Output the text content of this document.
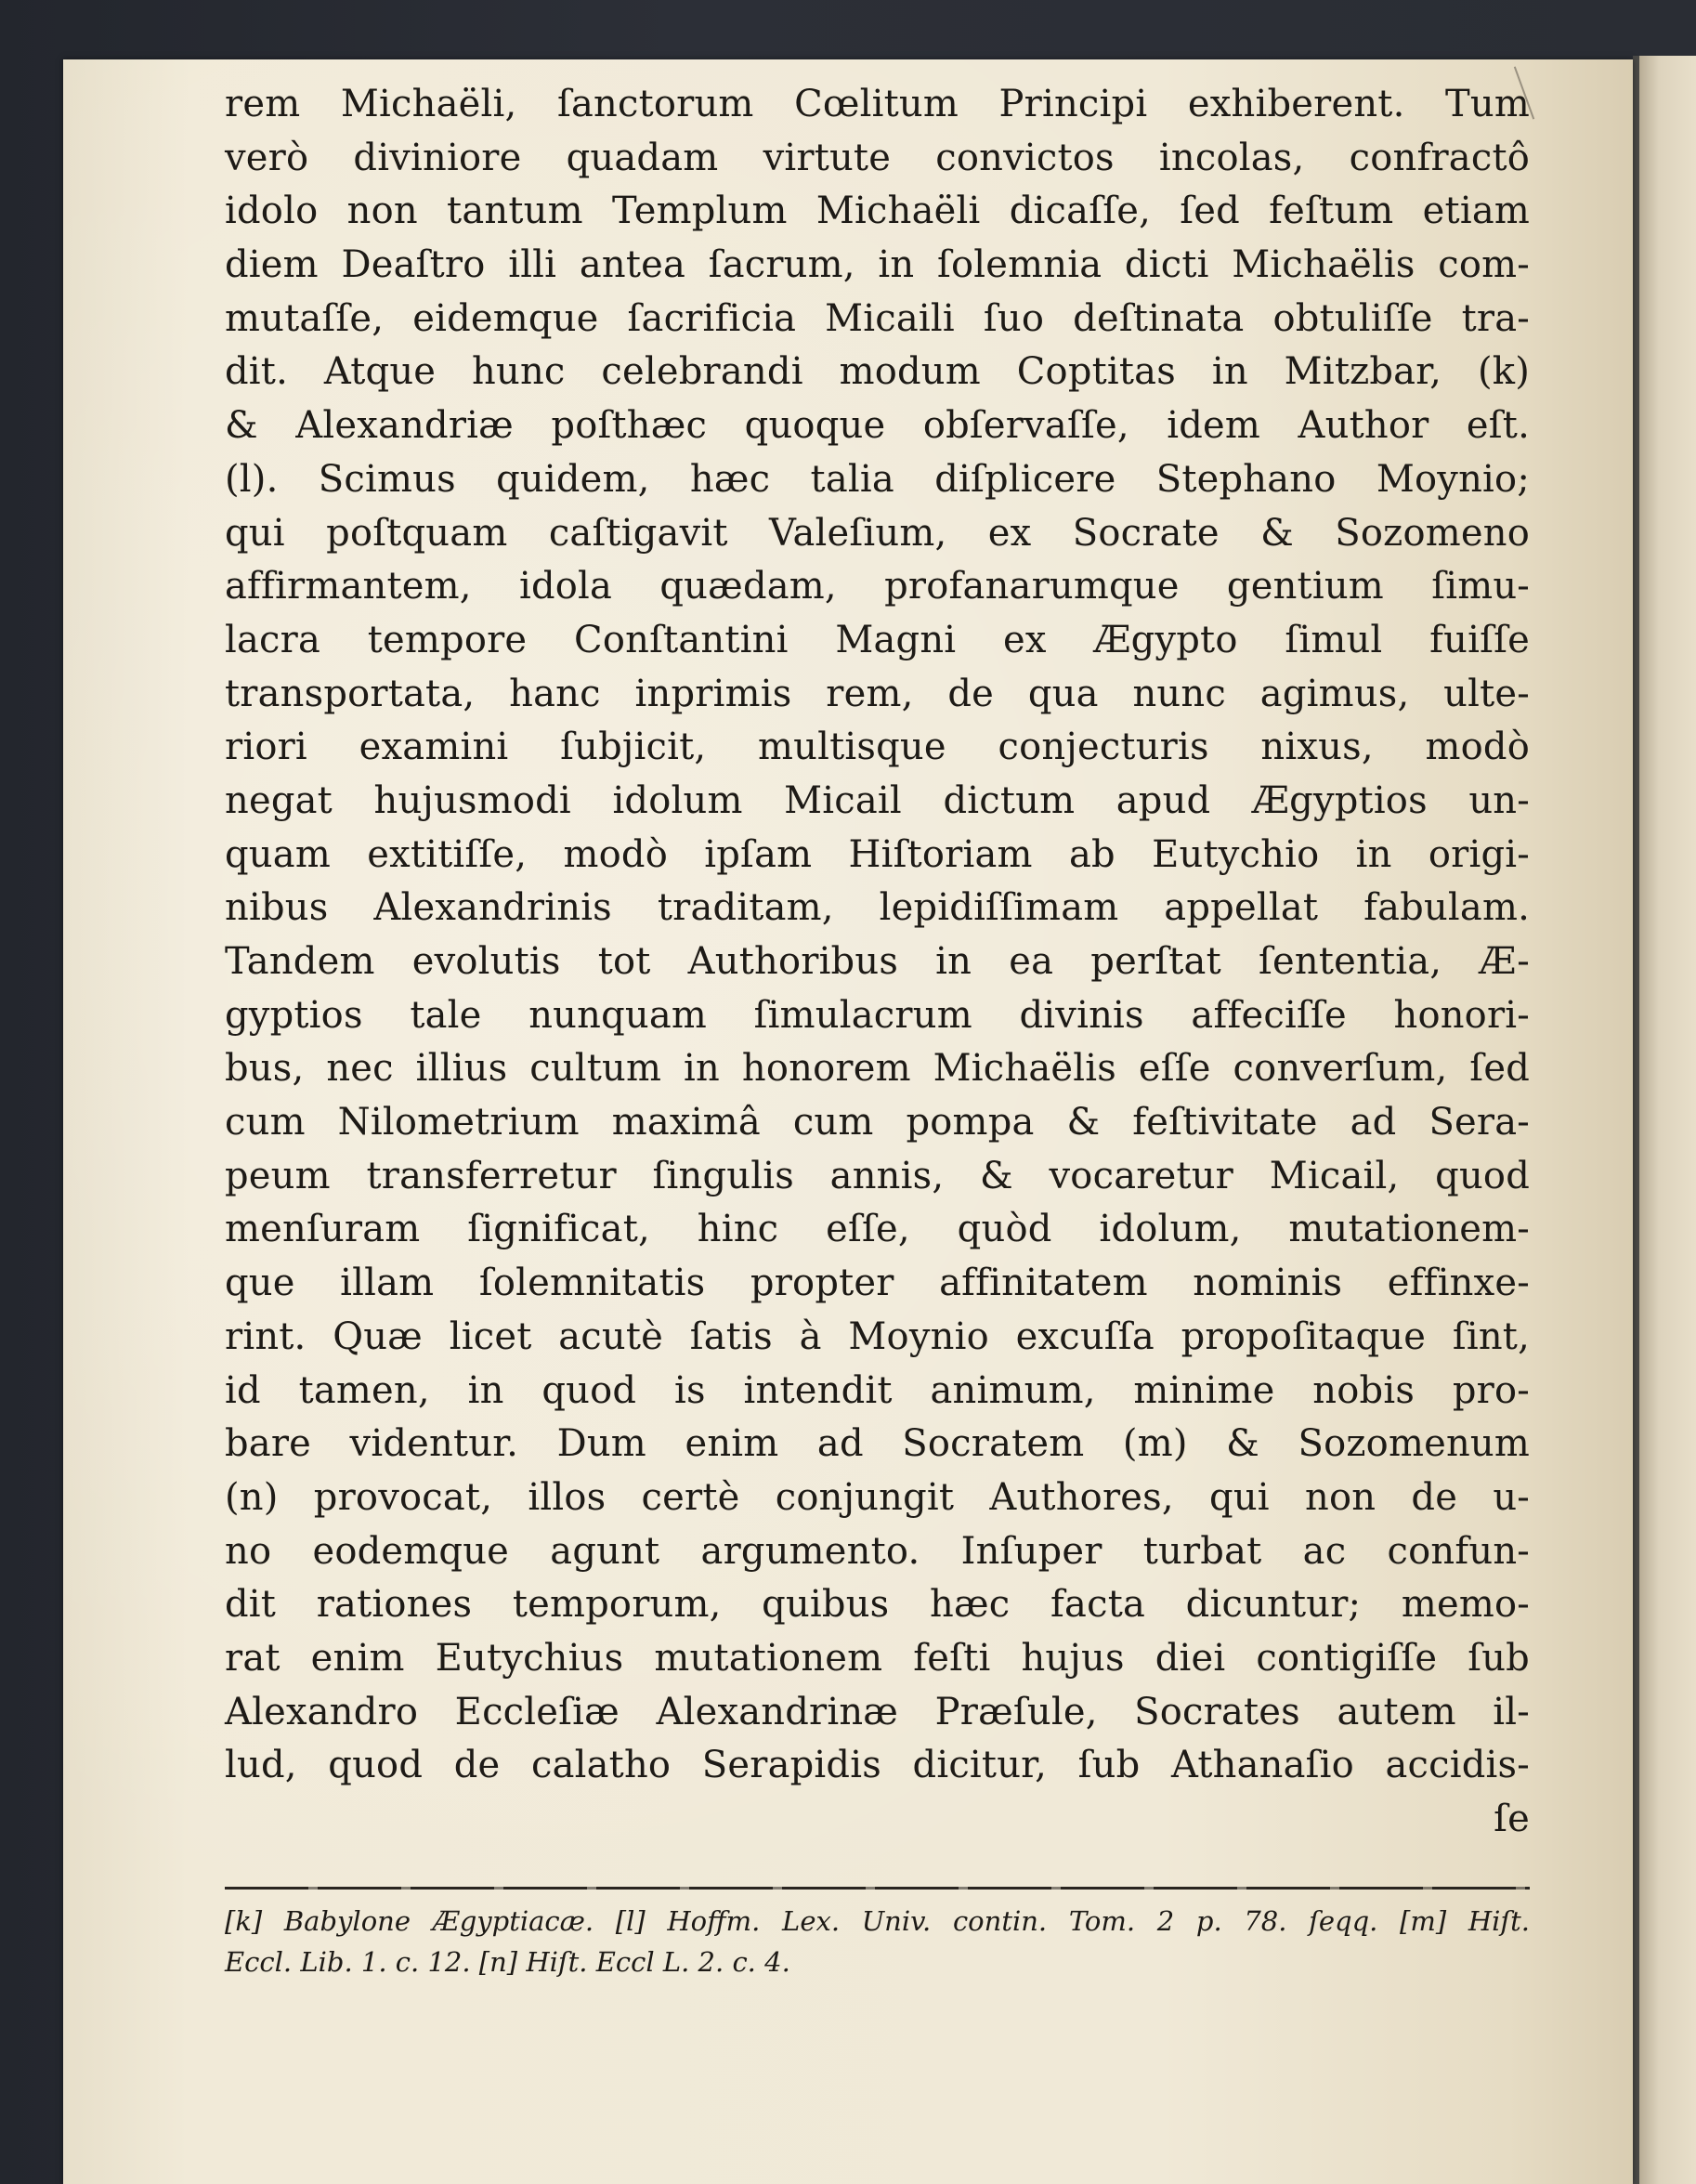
rem Michaëli, ſanctorum Cœlitum Principi exhiberent. Tum
verò diviniore quadam virtute convictos incolas, confractô
idolo non tantum Templum Michaëli dicaſſe, ſed feſtum etiam
diem Deaſtro illi antea ſacrum, in ſolemnia dicti Michaëlis com-
mutaſſe, eidemque ſacrificia Micaili ſuo deſtinata obtuliſſe tra-
dit. Atque hunc celebrandi modum Coptitas in Mitzbar, (k)
& Alexandriæ poſthæc quoque obſervaſſe, idem Author eſt.
(l). Scimus quidem, hæc talia diſplicere Stephano Moynio;
qui poſtquam caſtigavit Valeſium, ex Socrate & Sozomeno
affirmantem, idola quædam, profanarumque gentium ſimu-
lacra tempore Conſtantini Magni ex Ægypto ſimul fuiſſe
transportata, hanc inprimis rem, de qua nunc agimus, ulte-
riori examini ſubjicit, multisque conjecturis nixus, modò
negat hujusmodi idolum Micail dictum apud Ægyptios un-
quam extitiſſe, modò ipſam Hiſtoriam ab Eutychio in origi-
nibus Alexandrinis traditam, lepidiſſimam appellat fabulam.
Tandem evolutis tot Authoribus in ea perſtat ſententia, Æ-
gyptios tale nunquam ſimulacrum divinis affeciſſe honori-
bus, nec illius cultum in honorem Michaëlis eſſe converſum, ſed
cum Nilometrium maximâ cum pompa & feſtivitate ad Sera-
peum transferretur ſingulis annis, & vocaretur Micail, quod
menſuram ſignificat, hinc eſſe, quòd idolum, mutationem-
que illam ſolemnitatis propter affinitatem nominis effinxe-
rint. Quæ licet acutè ſatis à Moynio excuſſa propoſitaque ſint,
id tamen, in quod is intendit animum, minime nobis pro-
bare videntur. Dum enim ad Socratem (m) & Sozomenum
(n) provocat, illos certè conjungit Authores, qui non de u-
no eodemque agunt argumento. Inſuper turbat ac confun-
dit rationes temporum, quibus hæc facta dicuntur; memo-
rat enim Eutychius mutationem feſti hujus diei contigiſſe ſub
Alexandro Eccleſiæ Alexandrinæ Præſule, Socrates autem il-
lud, quod de calatho Serapidis dicitur, ſub Athanaſio accidis-
ſe
[k] Babylone Ægyptiacæ. [l] Hoffm. Lex. Univ. contin. Tom. 2 p. 78. ſeqq. [m] Hiſt.
Eccl. Lib. 1. c. 12. [n] Hiſt. Eccl L. 2. c. 4.
